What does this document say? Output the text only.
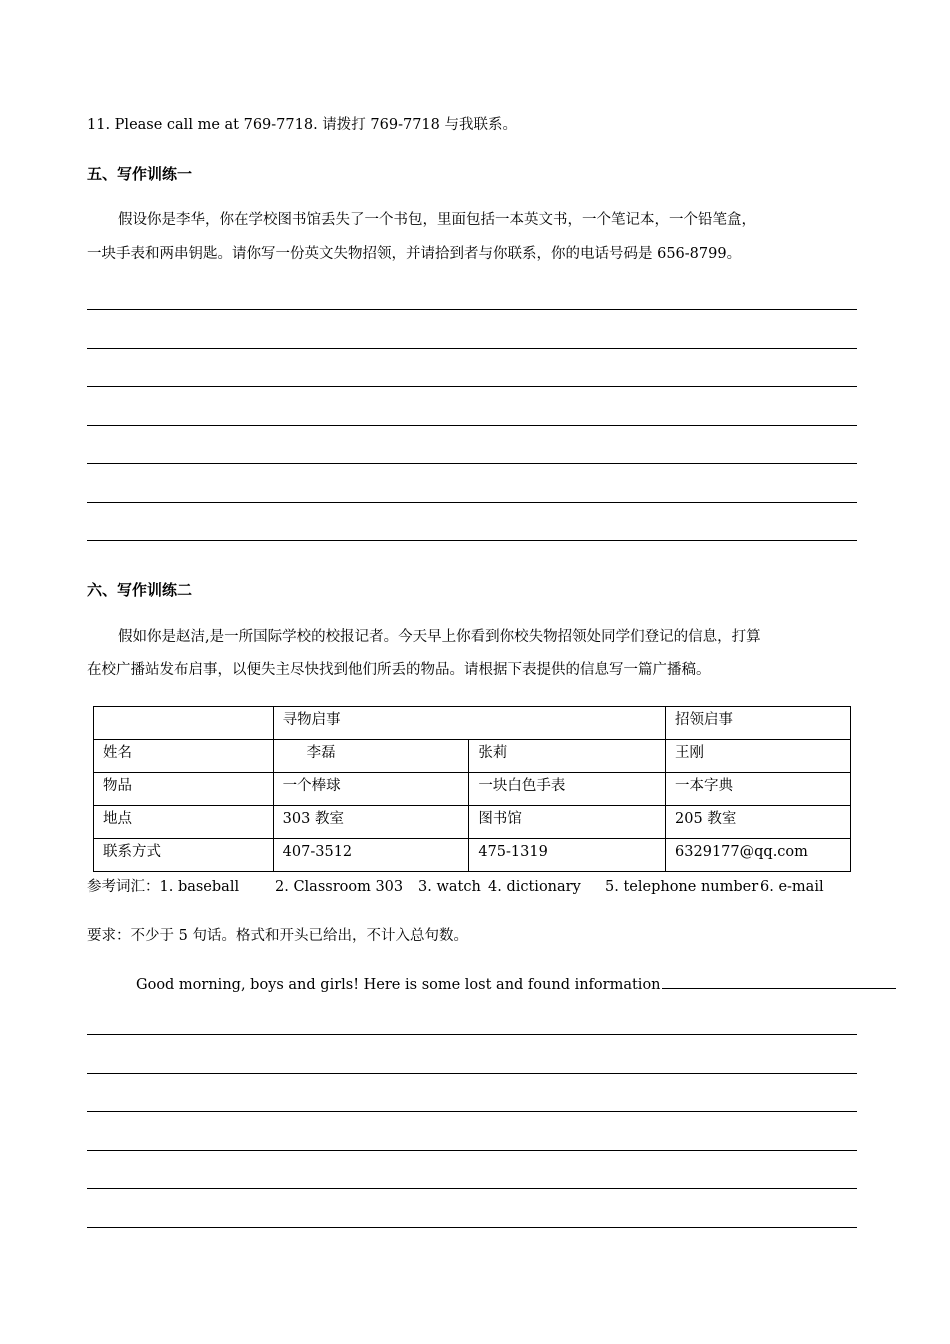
11. Please call me at 769-7718. 请拨打 769-7718 与我联系。
五、写作训练一
假设你是李华，你在学校图书馆丢失了一个书包，里面包括一本英文书，一个笔记本，一个铅笔盒，
一块手表和两串钥匙。请你写一份英文失物招领，并请拾到者与你联系，你的电话号码是 656-8799。
六、写作训练二
假如你是赵洁,是一所国际学校的校报记者。今天早上你看到你校失物招领处同学们登记的信息，打算
在校广播站发布启事，以便失主尽快找到他们所丢的物品。请根据下表提供的信息写一篇广播稿。
	寻物启事		招领启事
姓名	李磊	张莉	王刚
物品	一个棒球	一块白色手表	一本字典
地点	303 教室	图书馆	205 教室
联系方式	407-3512	475-1319	6329177@qq.com
参考词汇：1. baseball 2. Classroom 303 3. watch 4. dictionary 5. telephone number 6. e-mail
要求：不少于 5 句话。格式和开头已给出，不计入总句数。
Good morning, boys and girls! Here is some lost and found information
